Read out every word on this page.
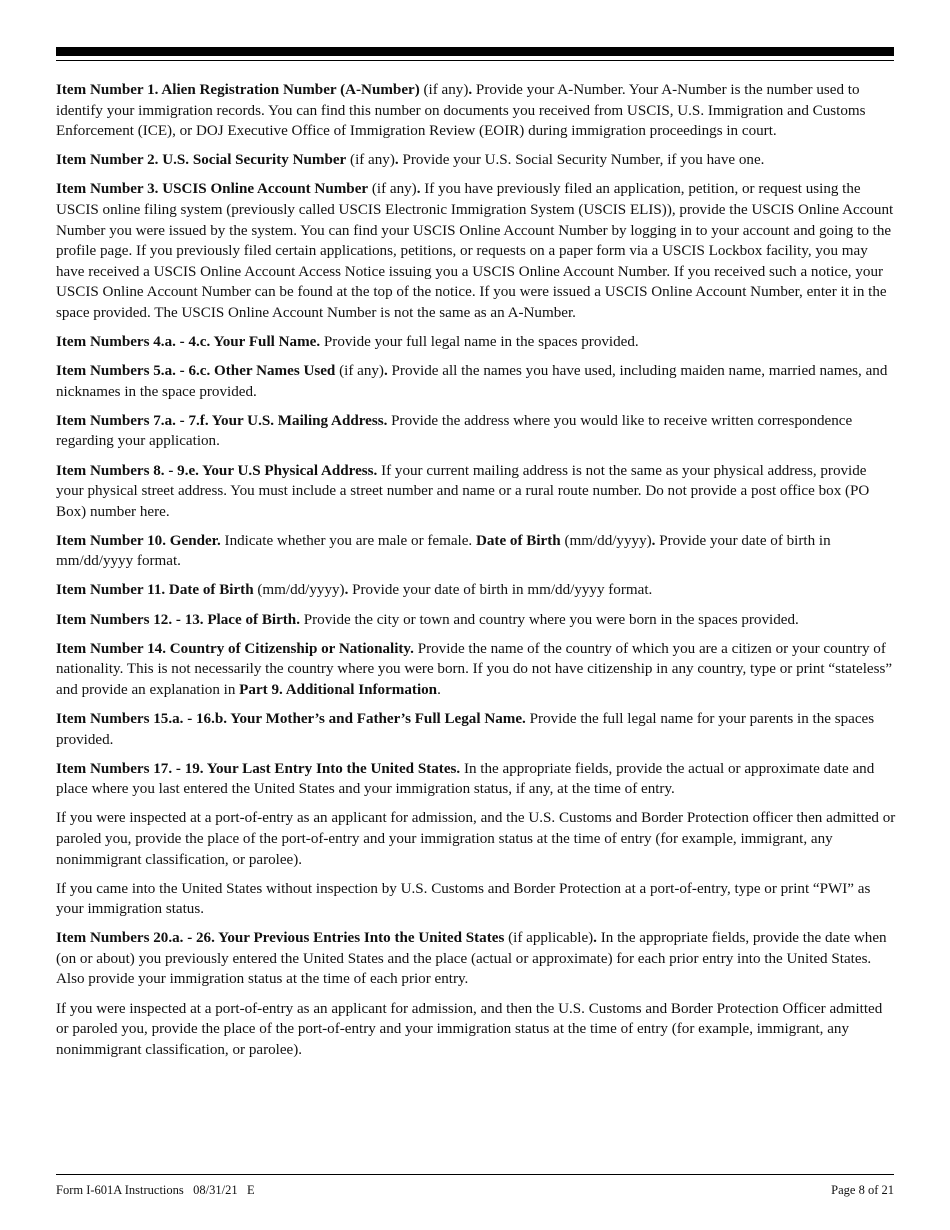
Item Number 1. Alien Registration Number (A-Number) (if any). Provide your A-Number. Your A-Number is the number used to identify your immigration records. You can find this number on documents you received from USCIS, U.S. Immigration and Customs Enforcement (ICE), or DOJ Executive Office of Immigration Review (EOIR) during immigration proceedings in court.

Item Number 2. U.S. Social Security Number (if any). Provide your U.S. Social Security Number, if you have one.

Item Number 3. USCIS Online Account Number (if any). If you have previously filed an application, petition, or request using the USCIS online filing system (previously called USCIS Electronic Immigration System (USCIS ELIS)), provide the USCIS Online Account Number you were issued by the system. You can find your USCIS Online Account Number by logging in to your account and going to the profile page. If you previously filed certain applications, petitions, or requests on a paper form via a USCIS Lockbox facility, you may have received a USCIS Online Account Access Notice issuing you a USCIS Online Account Number. If you received such a notice, your USCIS Online Account Number can be found at the top of the notice. If you were issued a USCIS Online Account Number, enter it in the space provided. The USCIS Online Account Number is not the same as an A-Number.

Item Numbers 4.a. - 4.c. Your Full Name. Provide your full legal name in the spaces provided.

Item Numbers 5.a. - 6.c. Other Names Used (if any). Provide all the names you have used, including maiden name, married names, and nicknames in the space provided.

Item Numbers 7.a. - 7.f. Your U.S. Mailing Address. Provide the address where you would like to receive written correspondence regarding your application.

Item Numbers 8. - 9.e. Your U.S Physical Address. If your current mailing address is not the same as your physical address, provide your physical street address. You must include a street number and name or a rural route number. Do not provide a post office box (PO Box) number here.

Item Number 10. Gender. Indicate whether you are male or female. Date of Birth (mm/dd/yyyy). Provide your date of birth in mm/dd/yyyy format.

Item Number 11. Date of Birth (mm/dd/yyyy). Provide your date of birth in mm/dd/yyyy format.

Item Numbers 12. - 13. Place of Birth. Provide the city or town and country where you were born in the spaces provided.

Item Number 14. Country of Citizenship or Nationality. Provide the name of the country of which you are a citizen or your country of nationality. This is not necessarily the country where you were born. If you do not have citizenship in any country, type or print “stateless” and provide an explanation in Part 9. Additional Information.

Item Numbers 15.a. - 16.b. Your Mother’s and Father’s Full Legal Name. Provide the full legal name for your parents in the spaces provided.

Item Numbers 17. - 19. Your Last Entry Into the United States. In the appropriate fields, provide the actual or approximate date and place where you last entered the United States and your immigration status, if any, at the time of entry.

If you were inspected at a port-of-entry as an applicant for admission, and the U.S. Customs and Border Protection officer then admitted or paroled you, provide the place of the port-of-entry and your immigration status at the time of entry (for example, immigrant, any nonimmigrant classification, or parolee).

If you came into the United States without inspection by U.S. Customs and Border Protection at a port-of-entry, type or print “PWI” as your immigration status.

Item Numbers 20.a. - 26. Your Previous Entries Into the United States (if applicable). In the appropriate fields, provide the date when (on or about) you previously entered the United States and the place (actual or approximate) for each prior entry into the United States. Also provide your immigration status at the time of each prior entry.

If you were inspected at a port-of-entry as an applicant for admission, and then the U.S. Customs and Border Protection Officer admitted or paroled you, provide the place of the port-of-entry and your immigration status at the time of entry (for example, immigrant, any nonimmigrant classification, or parolee).

Form I-601A Instructions   08/31/21   E	Page 8 of 21
